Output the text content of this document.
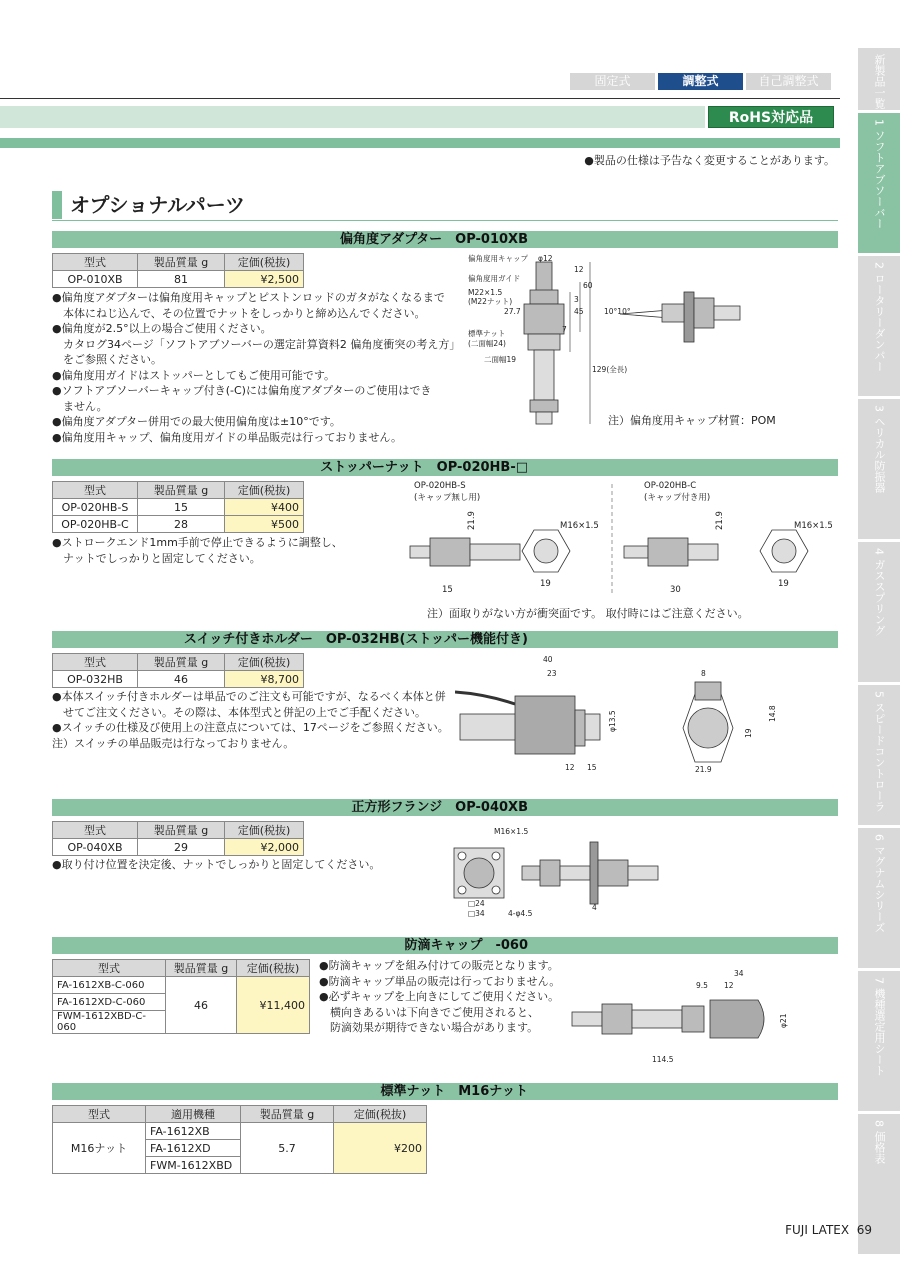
固定式	調整式	自己調整式
RoHS対応品
●製品の仕様は予告なく変更することがあります。
オプショナルパーツ
新製品一覧
1

ソフトアブソーバー
2

ロータリーダンパー
3

ヘリカル防振器
4

ガススプリング
5

スピードコントローラ
6

マグナムシリーズ
7

機種選定用シート
8

価格表
偏角度アダプター　OP-010XB
型式	製品質量 g	定価(税抜)
OP-010XB	81	¥2,500
●偏角度アダプターは偏角度用キャップとピストンロッドのガタがなくなるまで
　本体にねじ込んで、その位置でナットをしっかりと締め込んでください。
●偏角度が2.5°以上の場合ご使用ください。
　カタログ34ページ「ソフトアブソーバーの選定計算資料2 偏角度衝突の考え方」
　をご参照ください。
●偏角度用ガイドはストッパーとしてもご使用可能です。
●ソフトアブソーバーキャップ付き(-C)には偏角度アダプターのご使用はでき
　ません。
●偏角度アダプター併用での最大使用偏角度は±10°です。
●偏角度用キャップ、偏角度用ガイドの単品販売は行っておりません。
偏角度用キャップ φ12
偏角度用ガイド
M22×1.5
(M22ナット)
27.7
標準ナット
(二面幅24)
二面幅19
12
3
45
60
7
129(全長)
10°10°
注）偏角度用キャップ材質：POM
ストッパーナット　OP-020HB-□
型式	製品質量 g	定価(税抜)
OP-020HB-S	15	¥400
OP-020HB-C	28	¥500
●ストロークエンド1mm手前で停止できるように調整し、
　ナットでしっかりと固定してください。
OP-020HB-S
(キャップ無し用)
OP-020HB-C
(キャップ付き用)
21.9	M16×1.5
15
19
21.9	M16×1.5
30
19
注）面取りがない方が衝突面です。 取付時にはご注意ください。
スイッチ付きホルダー　OP-032HB(ストッパー機能付き)
型式	製品質量 g	定価(税抜)
OP-032HB	46	¥8,700
●本体スイッチ付きホルダーは単品でのご注文も可能ですが、なるべく本体と併
　せてご注文ください。その際は、本体型式と併記の上でご手配ください。
●スイッチの仕様及び使用上の注意点については、17ページをご参照ください。
注）スイッチの単品販売は行なっておりません。
40
23
φ13.5
12 15
8
14.8
19
21.9
正方形フランジ　OP-040XB
型式	製品質量 g	定価(税抜)
OP-040XB	29	¥2,000
●取り付け位置を決定後、ナットでしっかりと固定してください。
M16×1.5
□24
□34	4-φ4.5
4
防滴キャップ　-060
型式	製品質量 g	定価(税抜)
FA-1612XB-C-060	46	¥11,400
FA-1612XD-C-060		
FWM-1612XBD-C-060		
●防滴キャップを組み付けての販売となります。
●防滴キャップ単品の販売は行っておりません。
●必ずキャップを上向きにしてご使用ください。
　横向きあるいは下向きでご使用されると、
　防滴効果が期待できない場合があります。
34
9.5 12
φ21
114.5
標準ナット　M16ナット
型式	適用機種	製品質量 g	定価(税抜)
M16ナット	FA-1612XB	5.7	¥200
	FA-1612XD		
	FWM-1612XBD		
FUJI LATEX 69
